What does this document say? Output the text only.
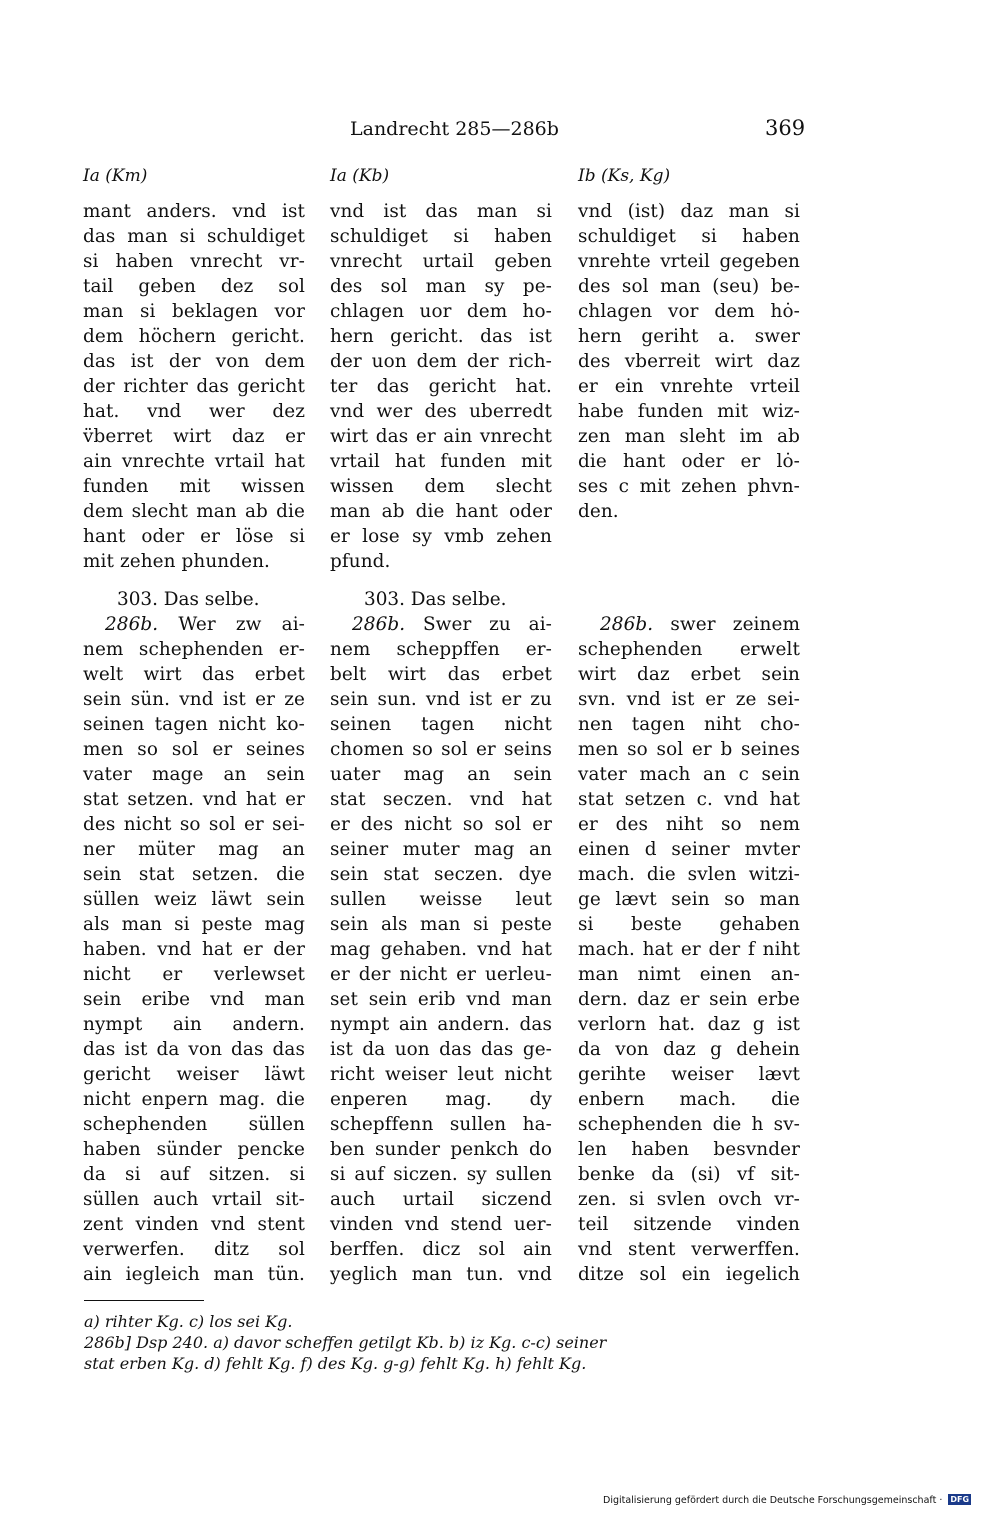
Landrecht 285—286b	369
Ia (Km)
mant anders. vnd ist
das man si schuldiget
si haben vnrecht vr-
tail geben dez sol
man si beklagen vor
dem höchern gericht.
das ist der von dem
der richter das gericht
hat. vnd wer dez
v̈berret wirt daz er
ain vnrechte vrtail hat
funden mit wissen
dem slecht man ab die
hant oder er löse si
mit zehen phunden.
303. Das selbe.
286b. Wer zw ai-
nem schephenden er-
welt wirt das erbet
sein sün. vnd ist er ze
seinen tagen nicht ko-
men so sol er seines
vater mage an sein
stat setzen. vnd hat er
des nicht so sol er sei-
ner müter mag an
sein stat setzen. die
süllen weiz läwt sein
als man si peste mag
haben. vnd hat er der
nicht er verlewset
sein eribe vnd man
nympt ain andern.
das ist da von das das
gericht weiser läwt
nicht enpern mag. die
schephenden süllen
haben sünder pencke
da si auf sitzen. si
süllen auch vrtail sit-
zent vinden vnd stent
verwerfen. ditz sol
ain iegleich man tün.
Ia (Kb)
vnd ist das man si
schuldiget si haben
vnrecht urtail geben
des sol man sy pe-
chlagen uor dem ho-
hern gericht. das ist
der uon dem der rich-
ter das gericht hat.
vnd wer des uberredt
wirt das er ain vnrecht
vrtail hat funden mit
wissen dem slecht
man ab die hant oder
er lose sy vmb zehen
pfund.
303. Das selbe.
286b. Swer zu ai-
nem scheppffen er-
belt wirt das erbet
sein sun. vnd ist er zu
seinen tagen nicht
chomen so sol er seins
uater mag an sein
stat seczen. vnd hat
er des nicht so sol er
seiner muter mag an
sein stat seczen. dye
sullen weisse leut
sein als man si peste
mag gehaben. vnd hat
er der nicht er uerleu-
set sein erib vnd man
nympt ain andern. das
ist da uon das das ge-
richt weiser leut nicht
enperen mag. dy
schepffenn sullen ha-
ben sunder penkch do
si auf siczen. sy sullen
auch urtail siczend
vinden vnd stend uer-
berffen. dicz sol ain
yeglich man tun. vnd
Ib (Ks, Kg)
vnd (ist) daz man si
schuldiget si haben
vnrehte vrteil gegeben
des sol man (seu) be-
chlagen vor dem hȯ-
hern geriht a. swer
des vberreit wirt daz
er ein vnrehte vrteil
habe funden mit wiz-
zen man sleht im ab
die hant oder er lȯ-
ses c mit zehen phvn-
den.
286b. swer zeinem
schephenden erwelt
wirt daz erbet sein
svn. vnd ist er ze sei-
nen tagen niht cho-
men so sol er b seines
vater mach an c sein
stat setzen c. vnd hat
er des niht so nem
einen d seiner mvter
mach. die svlen witzi-
ge lævt sein so man
si beste gehaben
mach. hat er der f niht
man nimt einen an-
dern. daz er sein erbe
verlorn hat. daz g ist
da von daz g dehein
gerihte weiser lævt
enbern mach. die
schephenden die h sv-
len haben besvnder
benke da (si) vf sit-
zen. si svlen ovch vr-
teil sitzende vinden
vnd stent verwerffen.
ditze sol ein iegelich
a) rihter Kg. c) los sei Kg.
286b] Dsp 240. a) davor scheffen getilgt Kb. b) iz Kg. c-c) seiner
stat erben Kg. d) fehlt Kg. f) des Kg. g-g) fehlt Kg. h) fehlt Kg.
Digitalisierung gefördert durch die Deutsche Forschungsgemeinschaft · DFG
